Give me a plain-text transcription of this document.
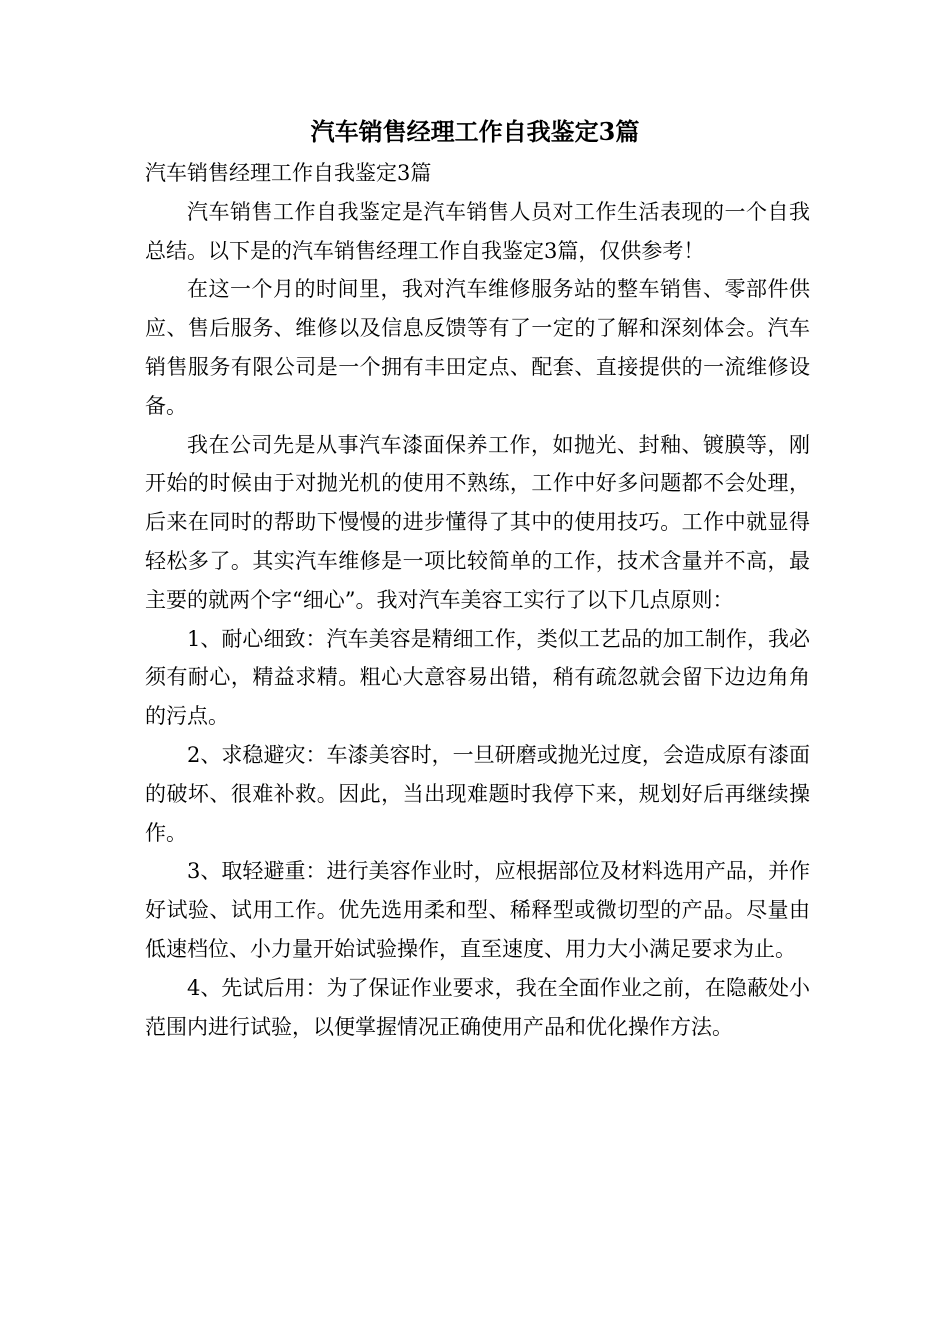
汽车销售经理工作自我鉴定3篇

汽车销售经理工作自我鉴定3篇

汽车销售工作自我鉴定是汽车销售人员对工作生活表现的一个自我总结。以下是的汽车销售经理工作自我鉴定3篇，仅供参考！

在这一个月的时间里，我对汽车维修服务站的整车销售、零部件供应、售后服务、维修以及信息反馈等有了一定的了解和深刻体会。汽车销售服务有限公司是一个拥有丰田定点、配套、直接提供的一流维修设备。

我在公司先是从事汽车漆面保养工作，如抛光、封釉、镀膜等，刚开始的时候由于对抛光机的使用不熟练，工作中好多问题都不会处理，后来在同时的帮助下慢慢的进步懂得了其中的使用技巧。工作中就显得轻松多了。其实汽车维修是一项比较简单的工作，技术含量并不高，最主要的就两个字“细心”。我对汽车美容工实行了以下几点原则：

1、耐心细致：汽车美容是精细工作，类似工艺品的加工制作，我必须有耐心，精益求精。粗心大意容易出错，稍有疏忽就会留下边边角角的污点。

2、求稳避灾：车漆美容时，一旦研磨或抛光过度，会造成原有漆面的破坏、很难补救。因此，当出现难题时我停下来，规划好后再继续操作。

3、取轻避重：进行美容作业时，应根据部位及材料选用产品，并作好试验、试用工作。优先选用柔和型、稀释型或微切型的产品。尽量由低速档位、小力量开始试验操作，直至速度、用力大小满足要求为止。

4、先试后用：为了保证作业要求，我在全面作业之前，在隐蔽处小范围内进行试验，以便掌握情况正确使用产品和优化操作方法。
